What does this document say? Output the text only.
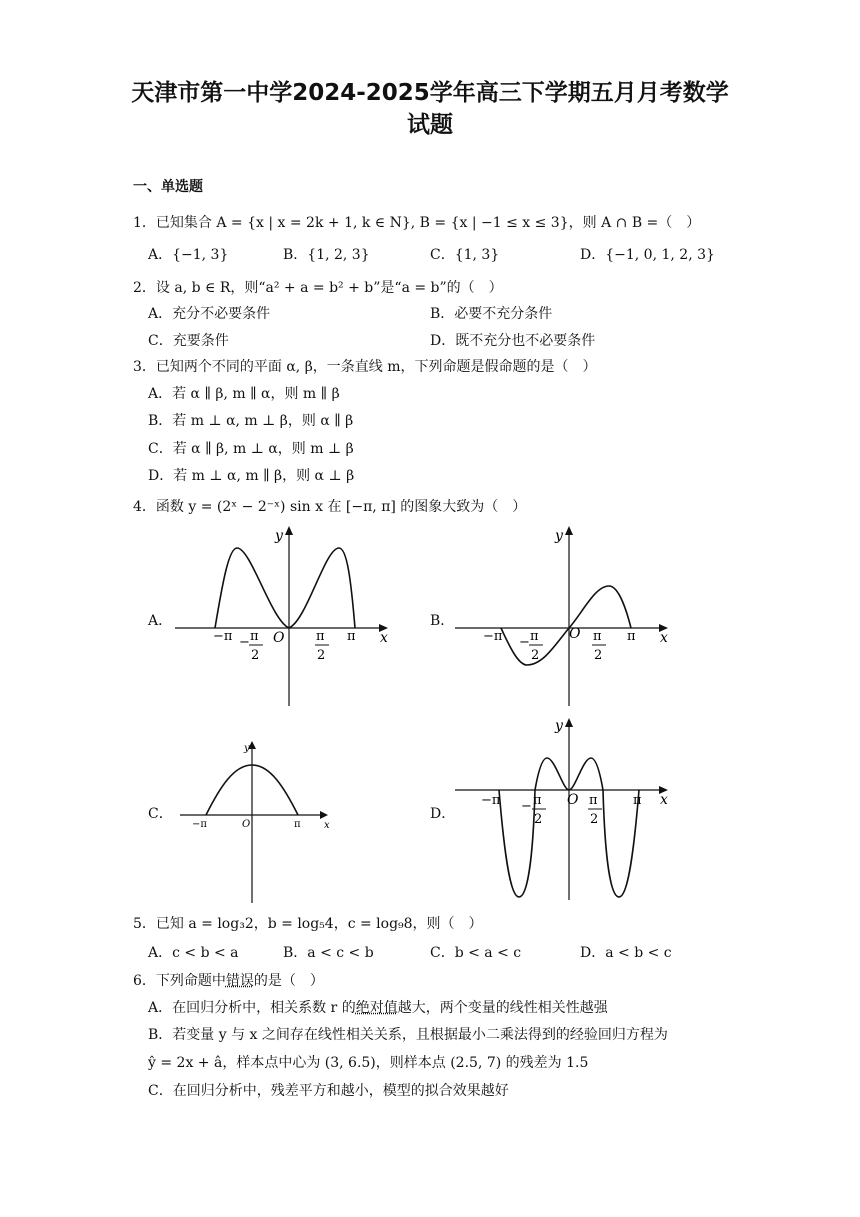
天津市第一中学2024-2025学年高三下学期五月月考数学
试题
一、单选题
1．已知集合 A = {x | x = 2k + 1, k ∈ N}, B = {x | −1 ≤ x ≤ 3}，则 A ∩ B =（　）
A．{−1, 3}	B．{1, 2, 3}	C．{1, 3}	D．{−1, 0, 1, 2, 3}
2．设 a, b ∈ R，则“a² + a = b² + b”是“a = b”的（　）
A．充分不必要条件	B．必要不充分条件
C．充要条件	D．既不充分也不必要条件
3．已知两个不同的平面 α, β，一条直线 m，下列命题是假命题的是（　）
A．若 α ∥ β, m ∥ α，则 m ∥ β
B．若 m ⊥ α, m ⊥ β，则 α ∥ β
C．若 α ∥ β, m ⊥ α，则 m ⊥ β
D．若 m ⊥ α, m ∥ β，则 α ⊥ β
4．函数 y = (2ˣ − 2⁻ˣ) sin x 在 [−π, π] 的图象大致为（　）
A．	B．
C．	D．
y
x
O
−π	π
− π
2
π
2
y
x
O
−π	π
− π
2
π
2
y
x
O
−π	π
y
x
O
−π	π
− π
2
π
2
5．已知 a = log₃2，b = log₅4，c = log₉8，则（　）
A．c < b < a	B．a < c < b	C．b < a < c	D．a < b < c
6．下列命题中错误的是（　）
A．在回归分析中，相关系数 r 的绝对值越大，两个变量的线性相关性越强
B．若变量 y 与 x 之间存在线性相关关系，且根据最小二乘法得到的经验回归方程为
ŷ = 2x + â，样本点中心为 (3, 6.5)，则样本点 (2.5, 7) 的残差为 1.5
C．在回归分析中，残差平方和越小，模型的拟合效果越好
